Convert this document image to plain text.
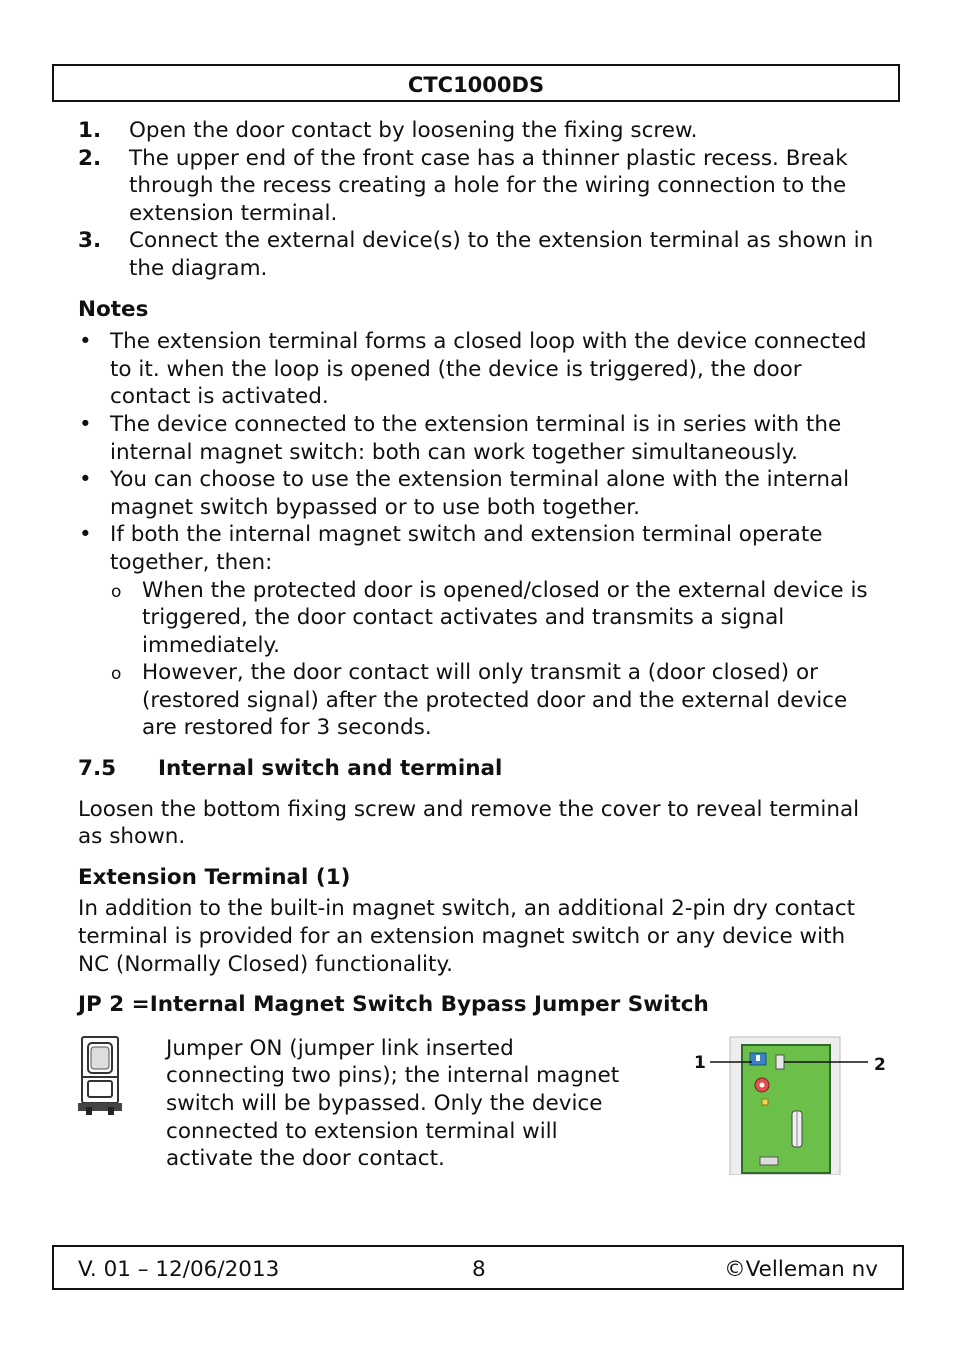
CTC1000DS
1. Open the door contact by loosening the fixing screw.
2. The upper end of the front case has a thinner plastic recess. Break through the recess creating a hole for the wiring connection to the extension terminal.
3. Connect the external device(s) to the extension terminal as shown in the diagram.
Notes
• The extension terminal forms a closed loop with the device connected to it. when the loop is opened (the device is triggered), the door contact is activated.
• The device connected to the extension terminal is in series with the internal magnet switch: both can work together simultaneously.
• You can choose to use the extension terminal alone with the internal magnet switch bypassed or to use both together.
• If both the internal magnet switch and extension terminal operate together, then:
o When the protected door is opened/closed or the external device is triggered, the door contact activates and transmits a signal immediately.
o However, the door contact will only transmit a (door closed) or (restored signal) after the protected door and the external device are restored for 3 seconds.
7.5	Internal switch and terminal

Loosen the bottom fixing screw and remove the cover to reveal terminal as shown.

Extension Terminal (1)

In addition to the built-in magnet switch, an additional 2-pin dry contact terminal is provided for an extension magnet switch or any device with NC (Normally Closed) functionality.

JP 2 =Internal Magnet Switch Bypass Jumper Switch

Jumper ON (jumper link inserted connecting two pins); the internal magnet switch will be bypassed. Only the device connected to extension terminal will activate the door contact.

1	2
V. 01 – 12/06/2013	8	©Velleman nv
